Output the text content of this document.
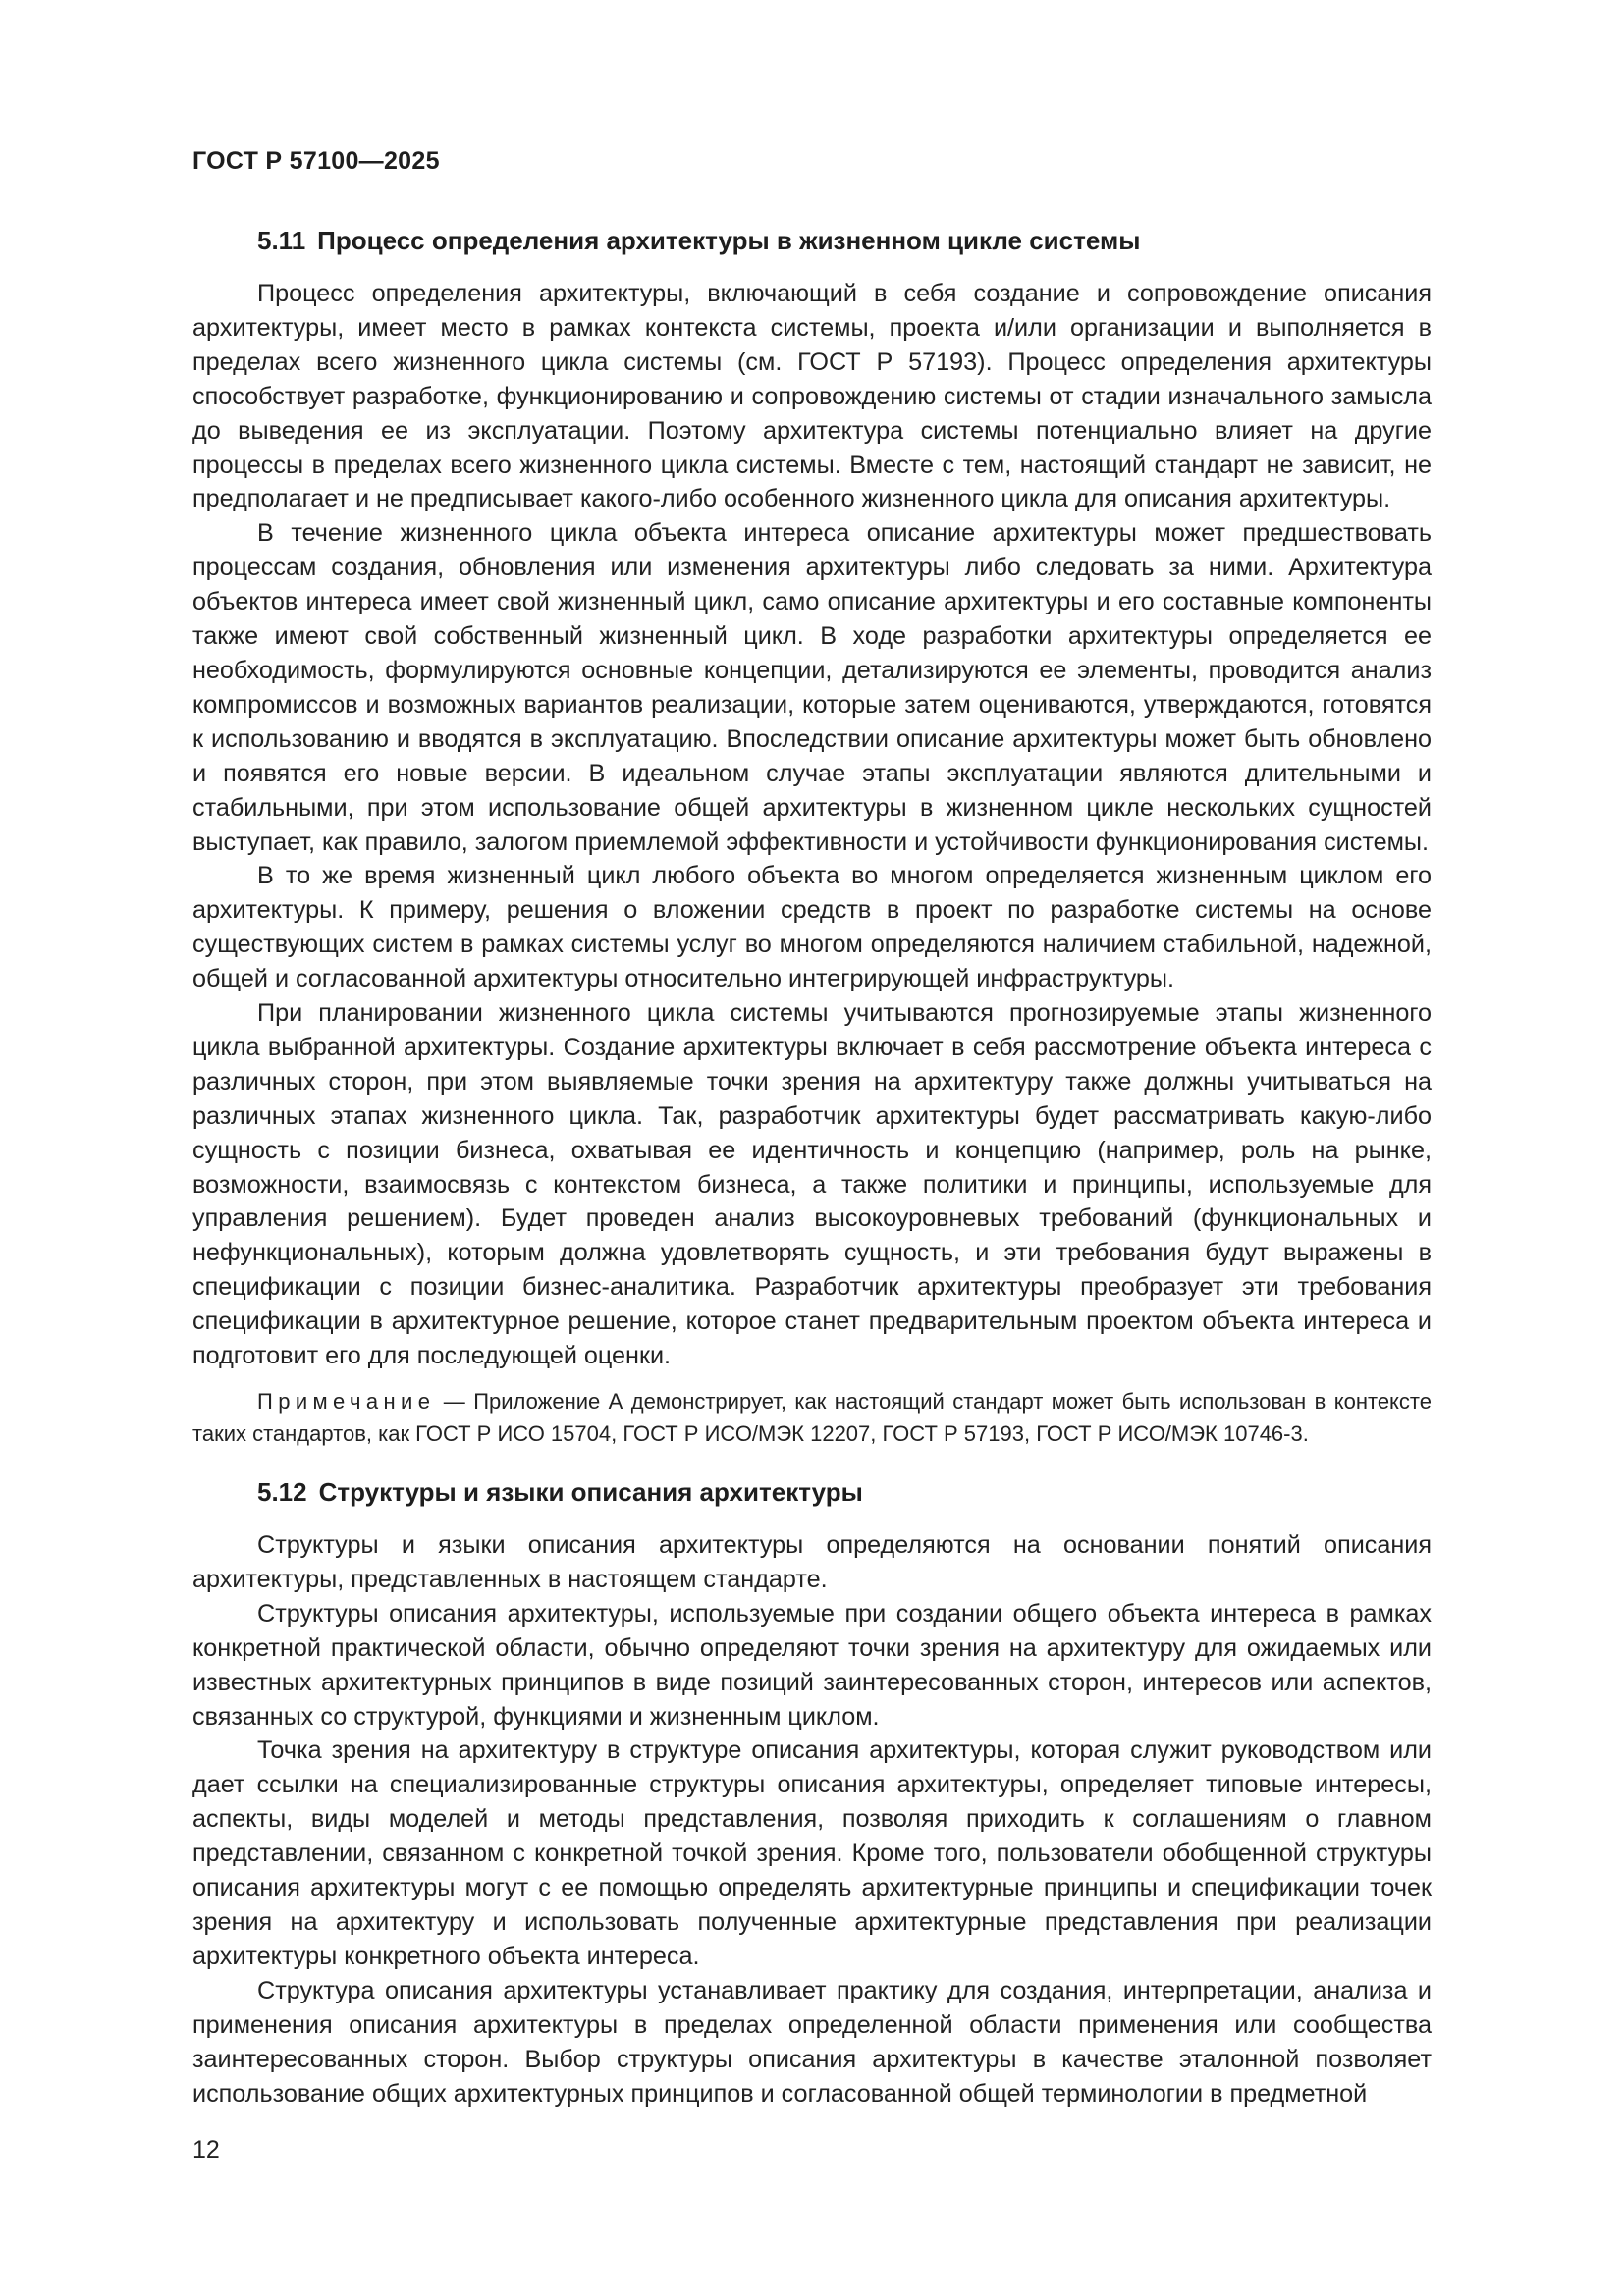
ГОСТ Р 57100—2025
5.11 Процесс определения архитектуры в жизненном цикле системы

Процесс определения архитектуры, включающий в себя создание и сопровождение описания архитектуры, имеет место в рамках контекста системы, проекта и/или организации и выполняется в пределах всего жизненного цикла системы (см. ГОСТ Р 57193). Процесс определения архитектуры способствует разработке, функционированию и сопровождению системы от стадии изначального замысла до выведения ее из эксплуатации. Поэтому архитектура системы потенциально влияет на другие процессы в пределах всего жизненного цикла системы. Вместе с тем, настоящий стандарт не зависит, не предполагает и не предписывает какого-либо особенного жизненного цикла для описания архитектуры.

В течение жизненного цикла объекта интереса описание архитектуры может предшествовать процессам создания, обновления или изменения архитектуры либо следовать за ними. Архитектура объектов интереса имеет свой жизненный цикл, само описание архитектуры и его составные компоненты также имеют свой собственный жизненный цикл. В ходе разработки архитектуры определяется ее необходимость, формулируются основные концепции, детализируются ее элементы, проводится анализ компромиссов и возможных вариантов реализации, которые затем оцениваются, утверждаются, готовятся к использованию и вводятся в эксплуатацию. Впоследствии описание архитектуры может быть обновлено и появятся его новые версии. В идеальном случае этапы эксплуатации являются длительными и стабильными, при этом использование общей архитектуры в жизненном цикле нескольких сущностей выступает, как правило, залогом приемлемой эффективности и устойчивости функционирования системы.

В то же время жизненный цикл любого объекта во многом определяется жизненным циклом его архитектуры. К примеру, решения о вложении средств в проект по разработке системы на основе существующих систем в рамках системы услуг во многом определяются наличием стабильной, надежной, общей и согласованной архитектуры относительно интегрирующей инфраструктуры.

При планировании жизненного цикла системы учитываются прогнозируемые этапы жизненного цикла выбранной архитектуры. Создание архитектуры включает в себя рассмотрение объекта интереса с различных сторон, при этом выявляемые точки зрения на архитектуру также должны учитываться на различных этапах жизненного цикла. Так, разработчик архитектуры будет рассматривать какую-либо сущность с позиции бизнеса, охватывая ее идентичность и концепцию (например, роль на рынке, возможности, взаимосвязь с контекстом бизнеса, а также политики и принципы, используемые для управления решением). Будет проведен анализ высокоуровневых требований (функциональных и нефункциональных), которым должна удовлетворять сущность, и эти требования будут выражены в спецификации с позиции бизнес-аналитика. Разработчик архитектуры преобразует эти требования спецификации в архитектурное решение, которое станет предварительным проектом объекта интереса и подготовит его для последующей оценки.

Примечание — Приложение А демонстрирует, как настоящий стандарт может быть использован в контексте таких стандартов, как ГОСТ Р ИСО 15704, ГОСТ Р ИСО/МЭК 12207, ГОСТ Р 57193, ГОСТ Р ИСО/МЭК 10746-3.

5.12 Структуры и языки описания архитектуры

Структуры и языки описания архитектуры определяются на основании понятий описания архитектуры, представленных в настоящем стандарте.

Структуры описания архитектуры, используемые при создании общего объекта интереса в рамках конкретной практической области, обычно определяют точки зрения на архитектуру для ожидаемых или известных архитектурных принципов в виде позиций заинтересованных сторон, интересов или аспектов, связанных со структурой, функциями и жизненным циклом.

Точка зрения на архитектуру в структуре описания архитектуры, которая служит руководством или дает ссылки на специализированные структуры описания архитектуры, определяет типовые интересы, аспекты, виды моделей и методы представления, позволяя приходить к соглашениям о главном представлении, связанном с конкретной точкой зрения. Кроме того, пользователи обобщенной структуры описания архитектуры могут с ее помощью определять архитектурные принципы и спецификации точек зрения на архитектуру и использовать полученные архитектурные представления при реализации архитектуры конкретного объекта интереса.

Структура описания архитектуры устанавливает практику для создания, интерпретации, анализа и применения описания архитектуры в пределах определенной области применения или сообщества заинтересованных сторон. Выбор структуры описания архитектуры в качестве эталонной позволяет использование общих архитектурных принципов и согласованной общей терминологии в предметной

12
